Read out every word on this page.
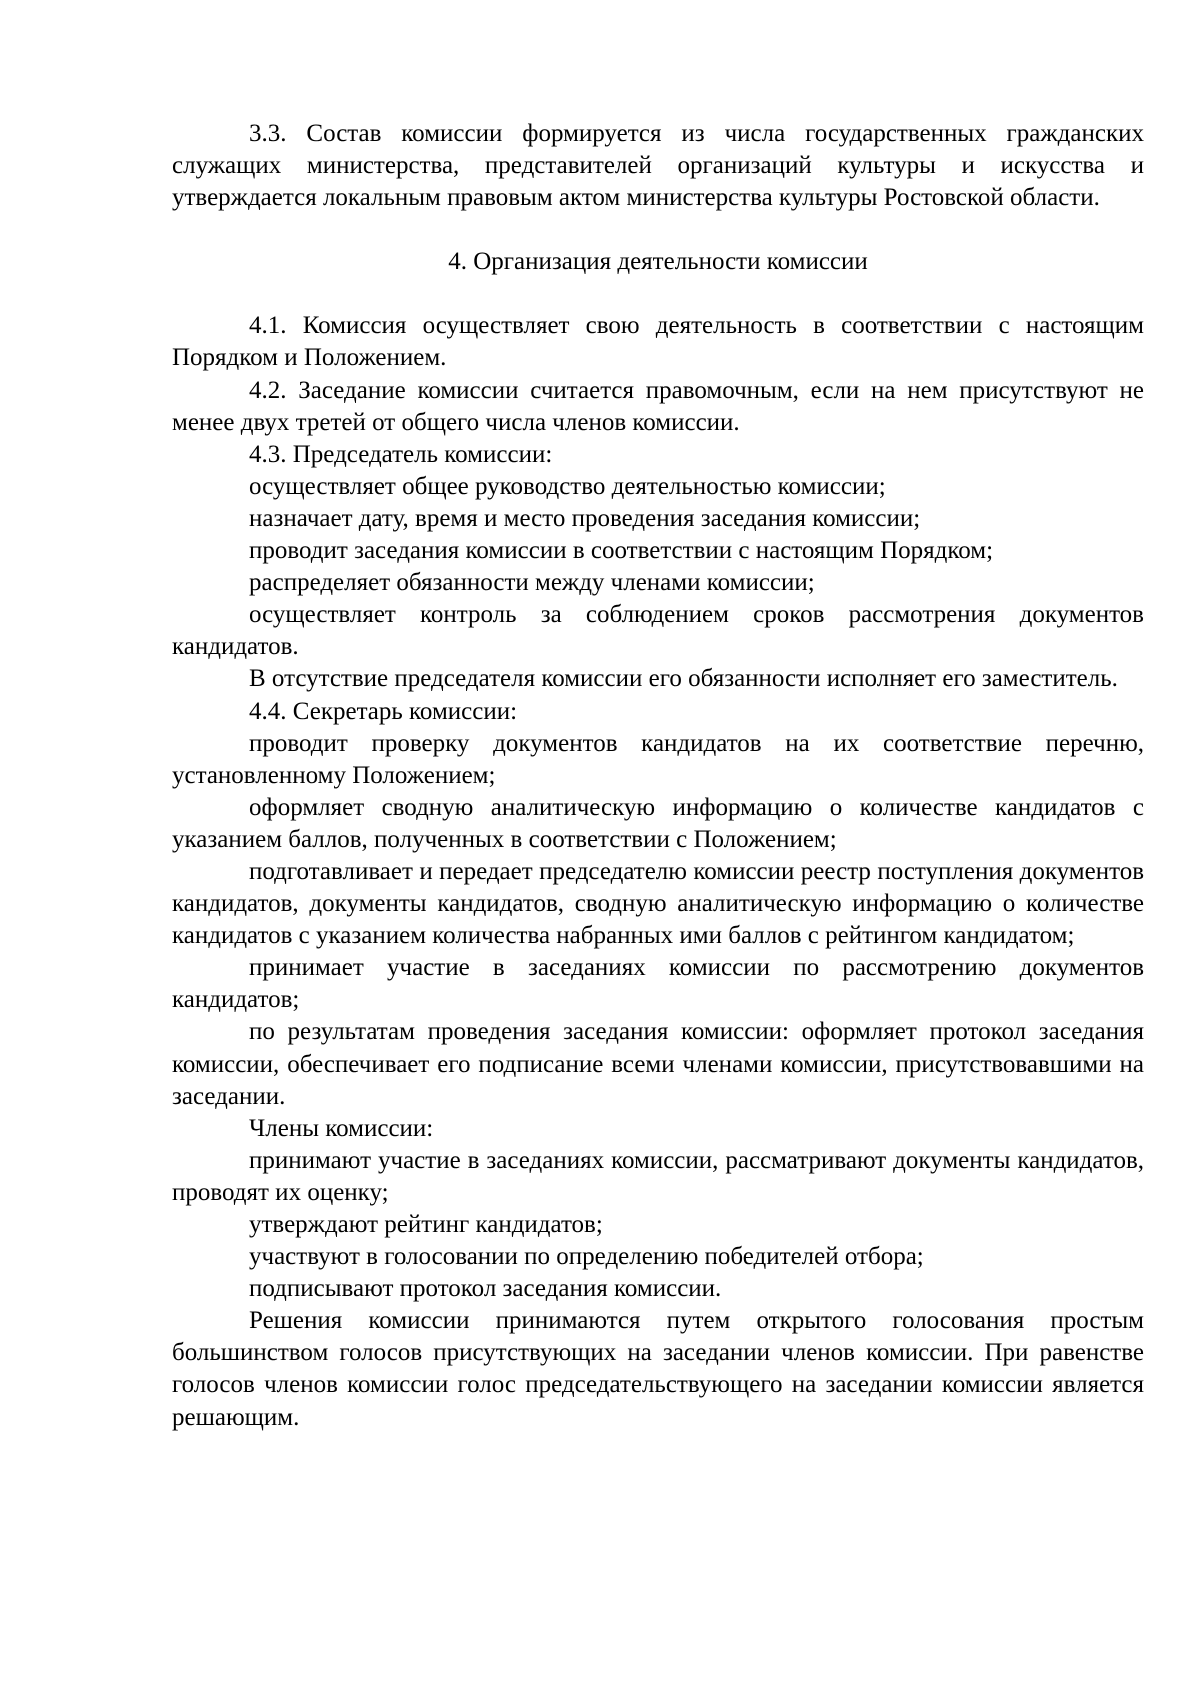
3.3. Состав комиссии формируется из числа государственных гражданских служащих министерства, представителей организаций культуры и искусства и утверждается локальным правовым актом министерства культуры Ростовской области.

4. Организация деятельности комиссии

4.1. Комиссия осуществляет свою деятельность в соответствии с настоящим Порядком и Положением.

4.2. Заседание комиссии считается правомочным, если на нем присутствуют не менее двух третей от общего числа членов комиссии.

4.3. Председатель комиссии:

осуществляет общее руководство деятельностью комиссии;

назначает дату, время и место проведения заседания комиссии;

проводит заседания комиссии в соответствии с настоящим Порядком;

распределяет обязанности между членами комиссии;

осуществляет контроль за соблюдением сроков рассмотрения документов кандидатов.

В отсутствие председателя комиссии его обязанности исполняет его заместитель.

4.4. Секретарь комиссии:

проводит проверку документов кандидатов на их соответствие перечню, установленному Положением;

оформляет сводную аналитическую информацию о количестве кандидатов с указанием баллов, полученных в соответствии с Положением;

подготавливает и передает председателю комиссии реестр поступления документов кандидатов, документы кандидатов, сводную аналитическую информацию о количестве кандидатов с указанием количества набранных ими баллов с рейтингом кандидатом;

принимает участие в заседаниях комиссии по рассмотрению документов кандидатов;

по результатам проведения заседания комиссии: оформляет протокол заседания комиссии, обеспечивает его подписание всеми членами комиссии, присутствовавшими на заседании.

Члены комиссии:

принимают участие в заседаниях комиссии, рассматривают документы кандидатов, проводят их оценку;

утверждают рейтинг кандидатов;

участвуют в голосовании по определению победителей отбора;

подписывают протокол заседания комиссии.

Решения комиссии принимаются путем открытого голосования простым большинством голосов присутствующих на заседании членов комиссии. При равенстве голосов членов комиссии голос председательствующего на заседании комиссии является решающим.
